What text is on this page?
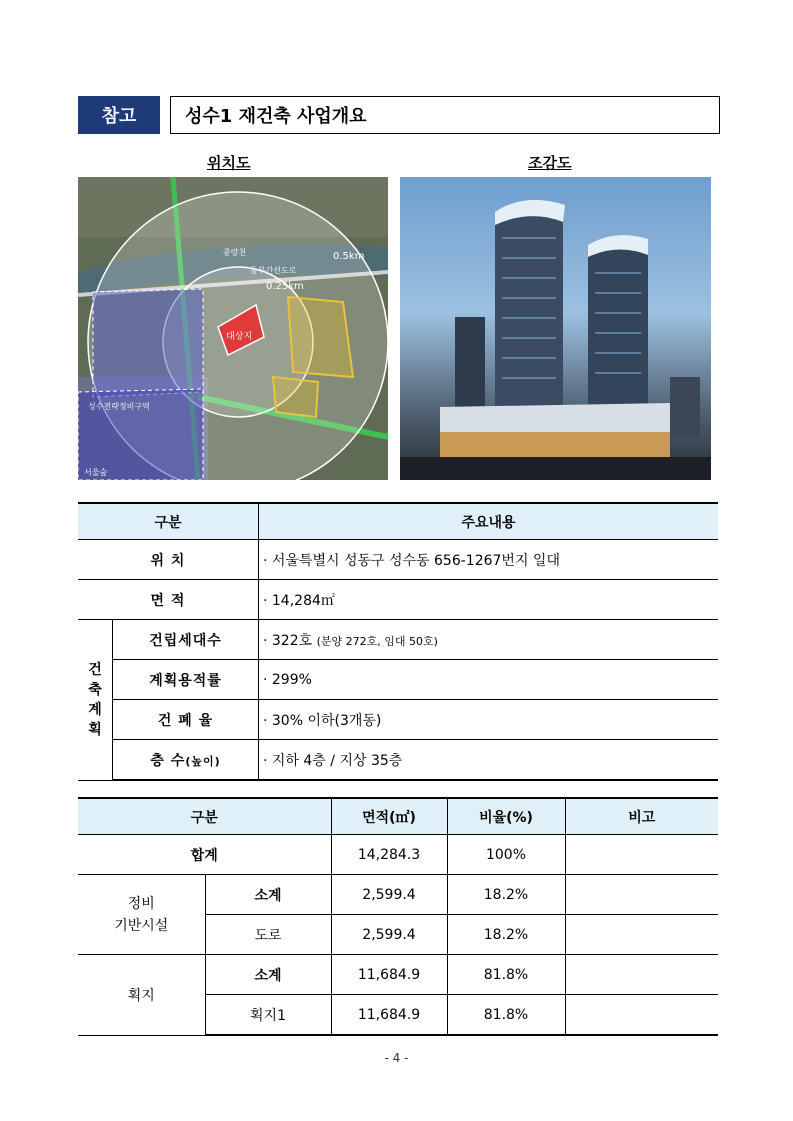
참고	성수1 재건축 사업개요
위치도	조감도
0.5km
0.25km
대상지
동부간선도로
중랑천
성수전략정비구역
서울숲
구분		주요내용
위 치		· 서울특별시 성동구 성수동 656-1267번지 일대
면 적		· 14,284㎡
건축계획	건립세대수	· 322호 (분양 272호, 임대 50호)
	계획용적률	· 299%
	건 폐 율	· 30% 이하(3개동)
	층 수(높이)	· 지하 4층 / 지상 35층
구분		면적(㎡)	비율(%)	비고
합계		14,284.3	100%	
정비
기반시설	소계	2,599.4	18.2%	
	도로	2,599.4	18.2%	
획지	소계	11,684.9	81.8%	
	획지1	11,684.9	81.8%	
- 4 -
